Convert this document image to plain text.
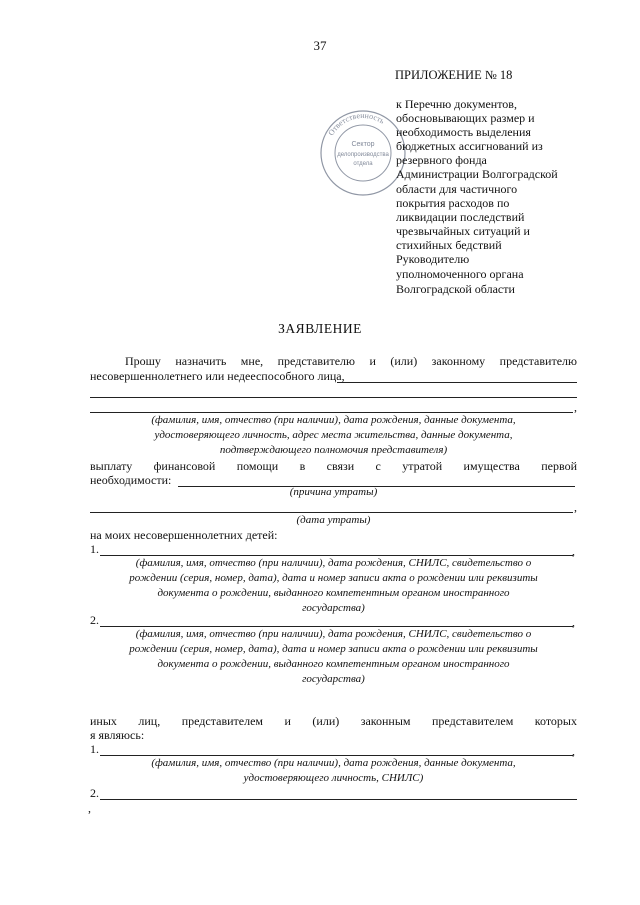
37
ПРИЛОЖЕНИЕ № 18
Ответственность
Сектор
делопроизводства
отдела
к Перечню документов,
обосновывающих размер и
необходимость выделения
бюджетных ассигнований из
резервного фонда
Администрации Волгоградской
области для частичного
покрытия расходов по
ликвидации последствий
чрезвычайных ситуаций и
стихийных бедствий
Руководителю
уполномоченного органа
Волгоградской области
ЗАЯВЛЕНИЕ
Прошу назначить мне, представителю и (или) законному представителю
несовершеннолетнего или недееспособного лица,
,
(фамилия, имя, отчество (при наличии), дата рождения, данные документа,
удостоверяющего личность, адрес места жительства, данные документа,
подтверждающего полномочия представителя)
выплату финансовой помощи в связи с утратой имущества первой
необходимости:
(причина утраты)
,
(дата утраты)
на моих несовершеннолетних детей:
1.	,
(фамилия, имя, отчество (при наличии), дата рождения, СНИЛС, свидетельство о
рождении (серия, номер, дата), дата и номер записи акта о рождении или реквизиты
документа о рождении, выданного компетентным органом иностранного
государства)
2.	,
(фамилия, имя, отчество (при наличии), дата рождения, СНИЛС, свидетельство о
рождении (серия, номер, дата), дата и номер записи акта о рождении или реквизиты
документа о рождении, выданного компетентным органом иностранного
государства)
иных лиц, представителем и (или) законным представителем которых
я являюсь:
1.	,
(фамилия, имя, отчество (при наличии), дата рождения, данные документа,
удостоверяющего личность, СНИЛС)
2.
,
